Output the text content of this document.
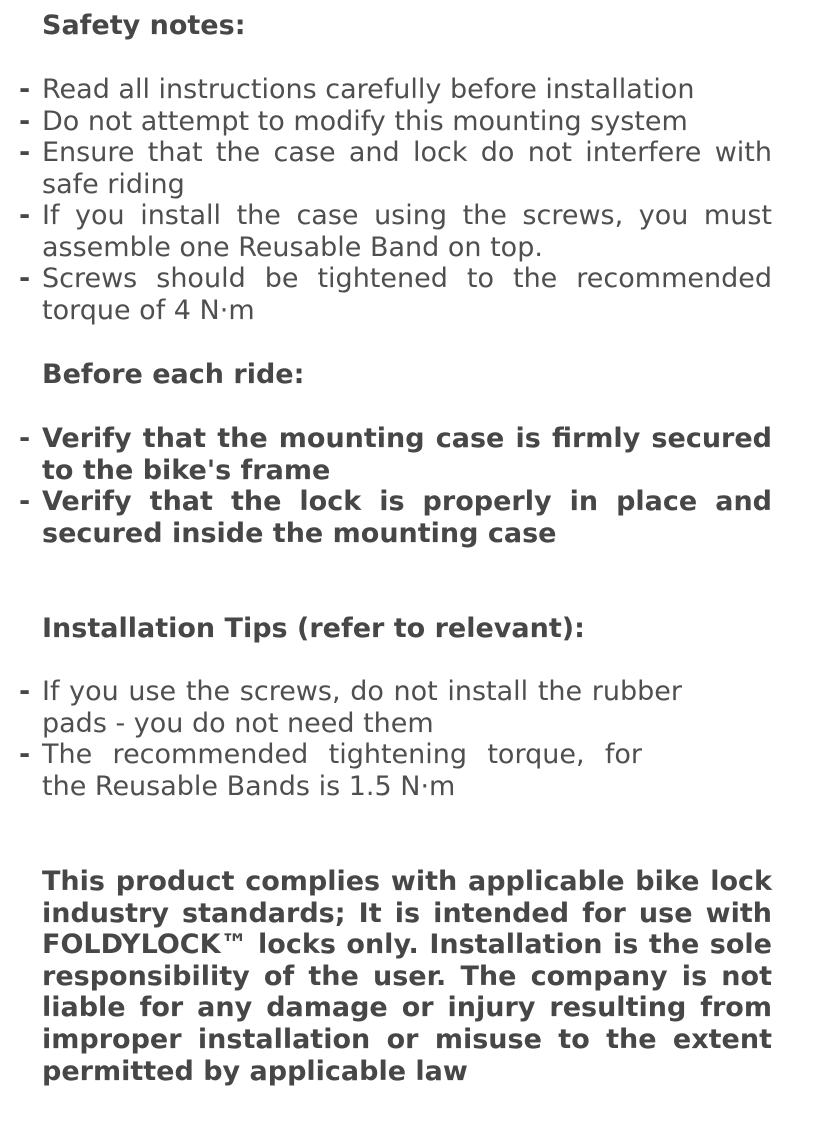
Safety notes:
- Read all instructions carefully before installation
- Do not attempt to modify this mounting system
- Ensure that the case and lock do not interfere with safe riding
- If you install the case using the screws, you must assemble one Reusable Band on top.
- Screws should be tightened to the recommended torque of 4 N·m
Before each ride:
- Verify that the mounting case is firmly secured to the bike's frame
- Verify that the lock is properly in place and secured inside the mounting case
Installation Tips (refer to relevant):
- If you use the screws, do not install the rubber pads - you do not need them
- The recommended tightening torque, for the Reusable Bands is 1.5 N·m
This product complies with applicable bike lock industry standards; It is intended for use with FOLDYLOCK™ locks only. Installation is the sole responsibility of the user. The company is not liable for any damage or injury resulting from improper installation or misuse to the extent permitted by applicable law
